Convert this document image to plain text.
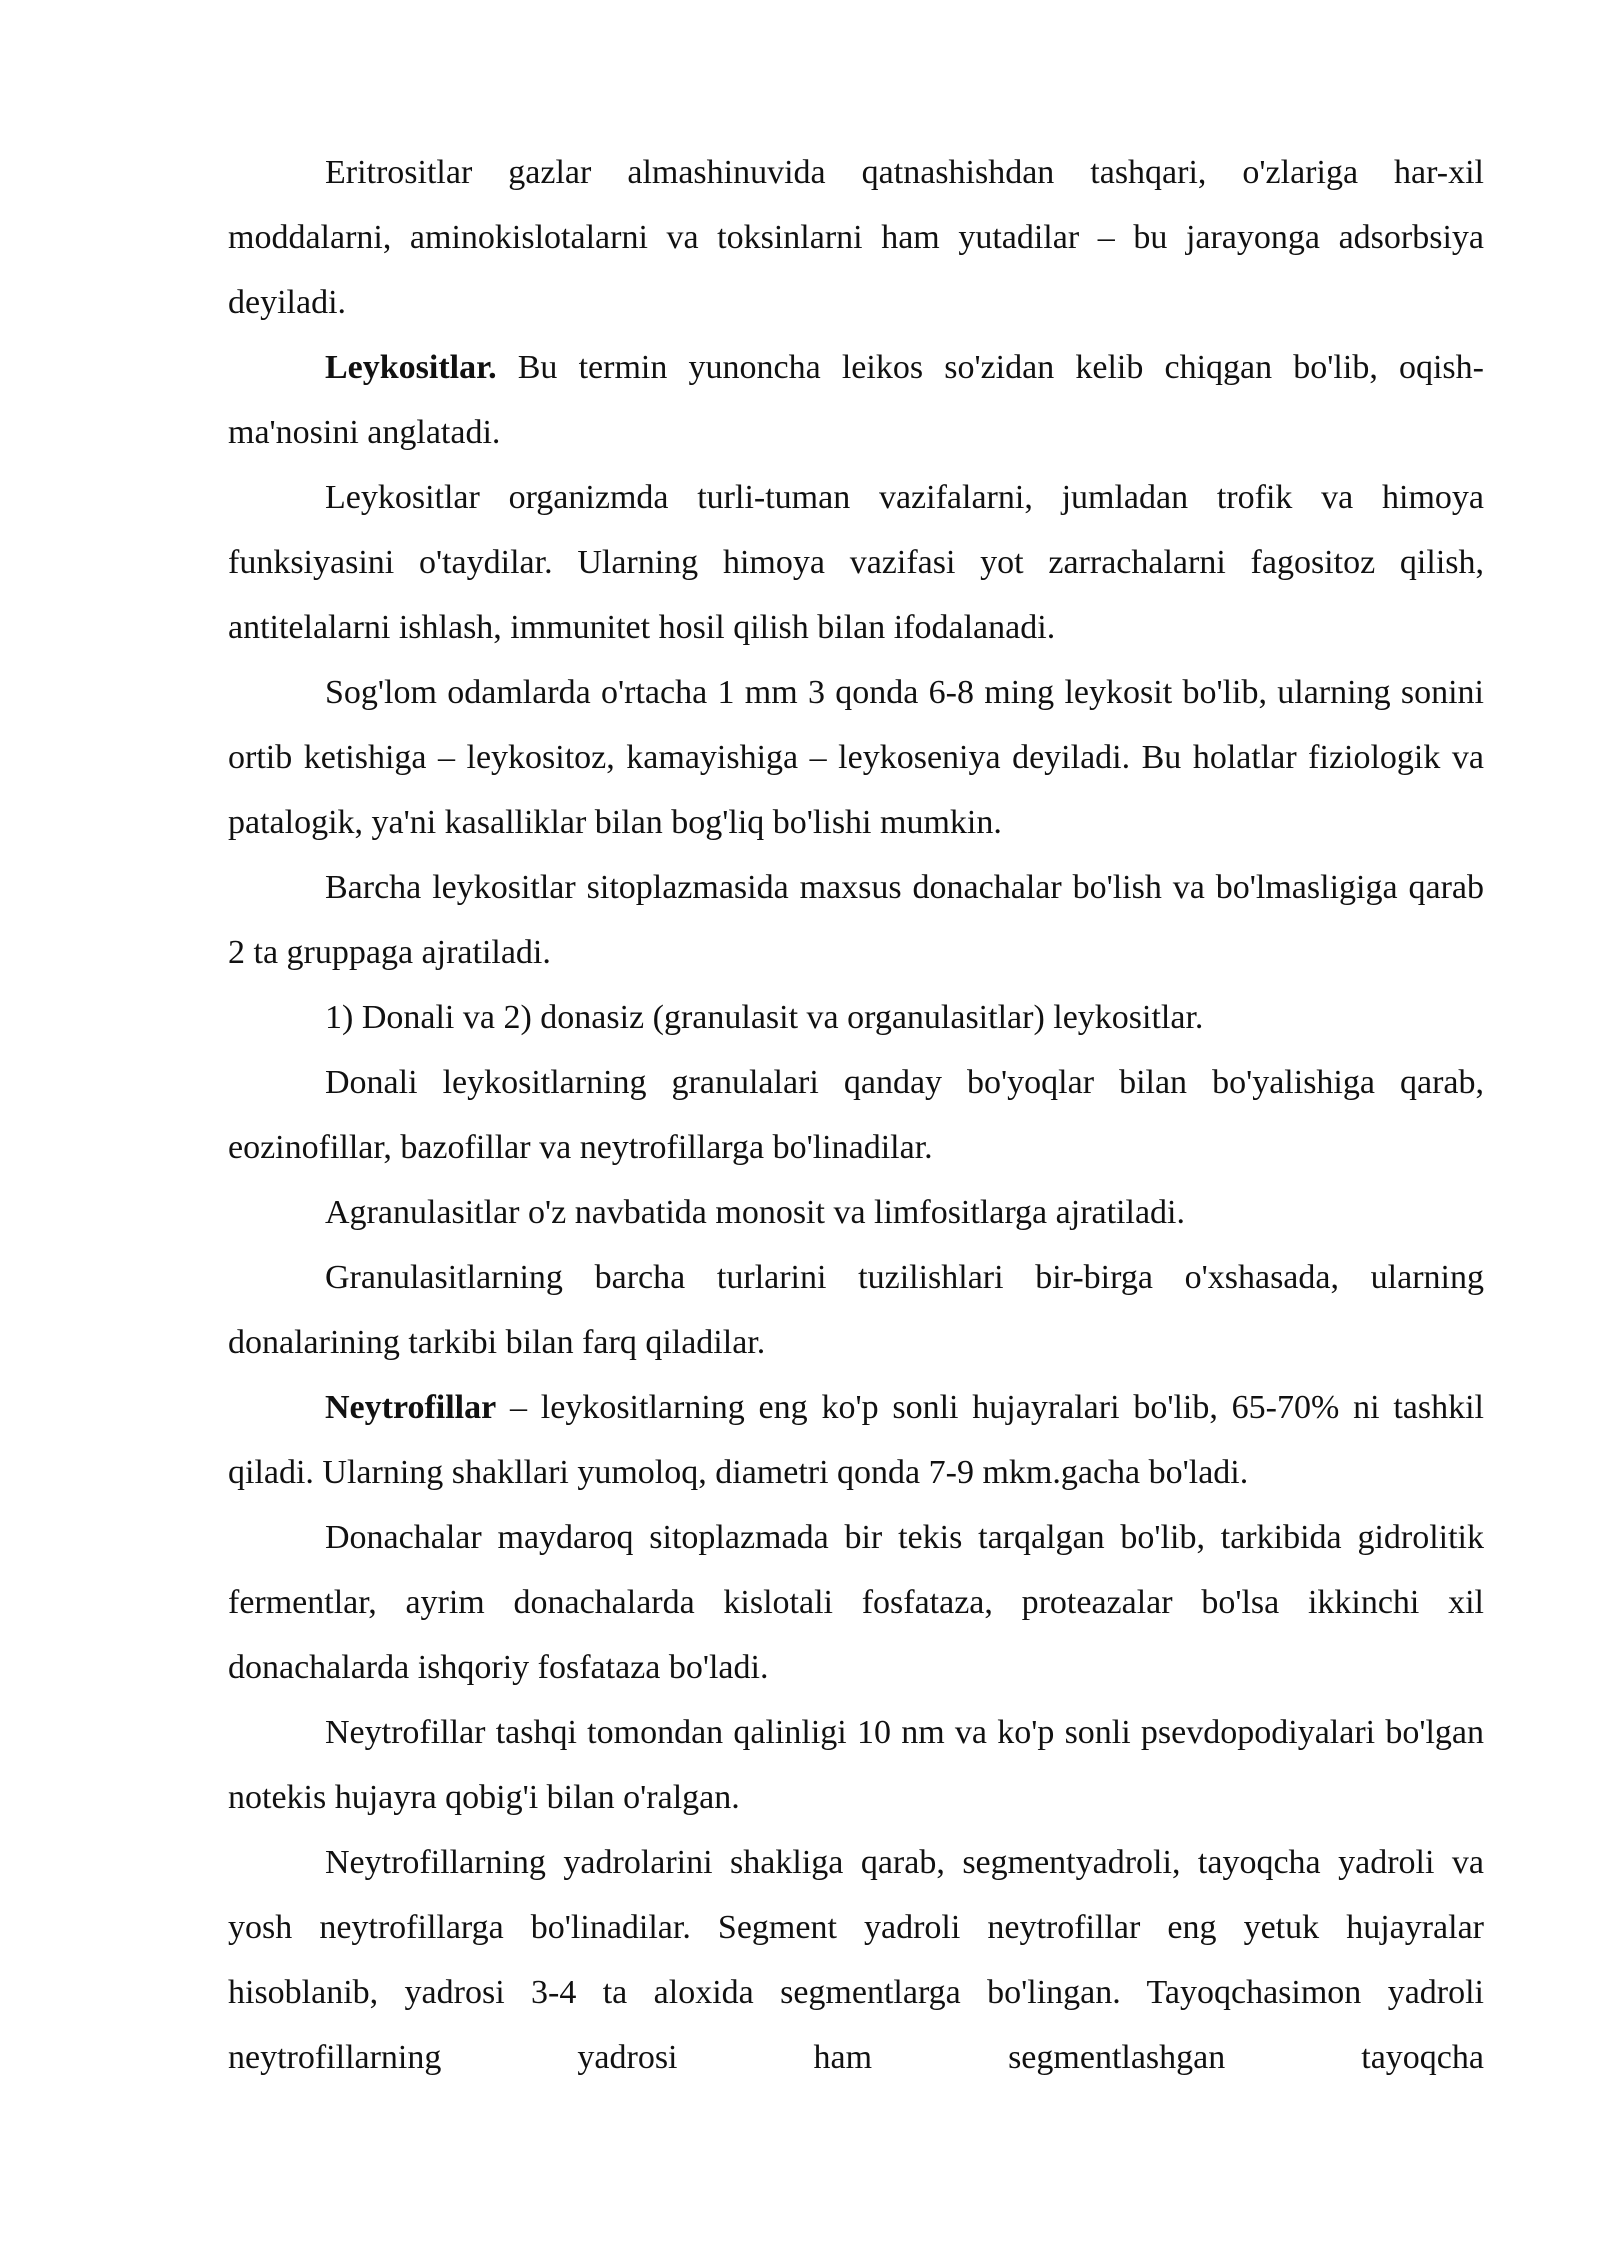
Eritrositlar gazlar almashinuvida qatnashishdan tashqari, o'zlariga har-xil moddalarni, aminokislotalarni va toksinlarni ham yutadilar – bu jarayonga adsorbsiya deyiladi.

Leykositlar. Bu termin yunoncha leikos so'zidan kelib chiqgan bo'lib, oqish-ma'nosini anglatadi.

Leykositlar organizmda turli-tuman vazifalarni, jumladan trofik va himoya funksiyasini o'taydilar. Ularning himoya vazifasi yot zarrachalarni fagositoz qilish, antitelalarni ishlash, immunitet hosil qilish bilan ifodalanadi.

Sog'lom odamlarda o'rtacha 1 mm 3 qonda 6-8 ming leykosit bo'lib, ularning sonini ortib ketishiga – leykositoz, kamayishiga – leykoseniya deyiladi. Bu holatlar fiziologik va patalogik, ya'ni kasalliklar bilan bog'liq bo'lishi mumkin.

Barcha leykositlar sitoplazmasida maxsus donachalar bo'lish va bo'lmasligiga qarab 2 ta gruppaga ajratiladi.

1) Donali va 2) donasiz (granulasit va organulasitlar) leykositlar.

Donali leykositlarning granulalari qanday bo'yoqlar bilan bo'yalishiga qarab, eozinofillar, bazofillar va neytrofillarga bo'linadilar.

Agranulasitlar o'z navbatida monosit va limfositlarga ajratiladi.

Granulasitlarning barcha turlarini tuzilishlari bir-birga o'xshasada, ularning donalarining tarkibi bilan farq qiladilar.

Neytrofillar – leykositlarning eng ko'p sonli hujayralari bo'lib, 65-70% ni tashkil qiladi. Ularning shakllari yumoloq, diametri qonda 7-9 mkm.gacha bo'ladi.

Donachalar maydaroq sitoplazmada bir tekis tarqalgan bo'lib, tarkibida gidrolitik fermentlar, ayrim donachalarda kislotali fosfataza, proteazalar bo'lsa ikkinchi xil donachalarda ishqoriy fosfataza bo'ladi.

Neytrofillar tashqi tomondan qalinligi 10 nm va ko'p sonli psevdopodiyalari bo'lgan notekis hujayra qobig'i bilan o'ralgan.

Neytrofillarning yadrolarini shakliga qarab, segmentyadroli, tayoqcha yadroli va yosh neytrofillarga bo'linadilar. Segment yadroli neytrofillar eng yetuk hujayralar hisoblanib, yadrosi 3-4 ta aloxida segmentlarga bo'lingan. Tayoqchasimon yadroli neytrofillarning yadrosi ham segmentlashgan tayoqcha
